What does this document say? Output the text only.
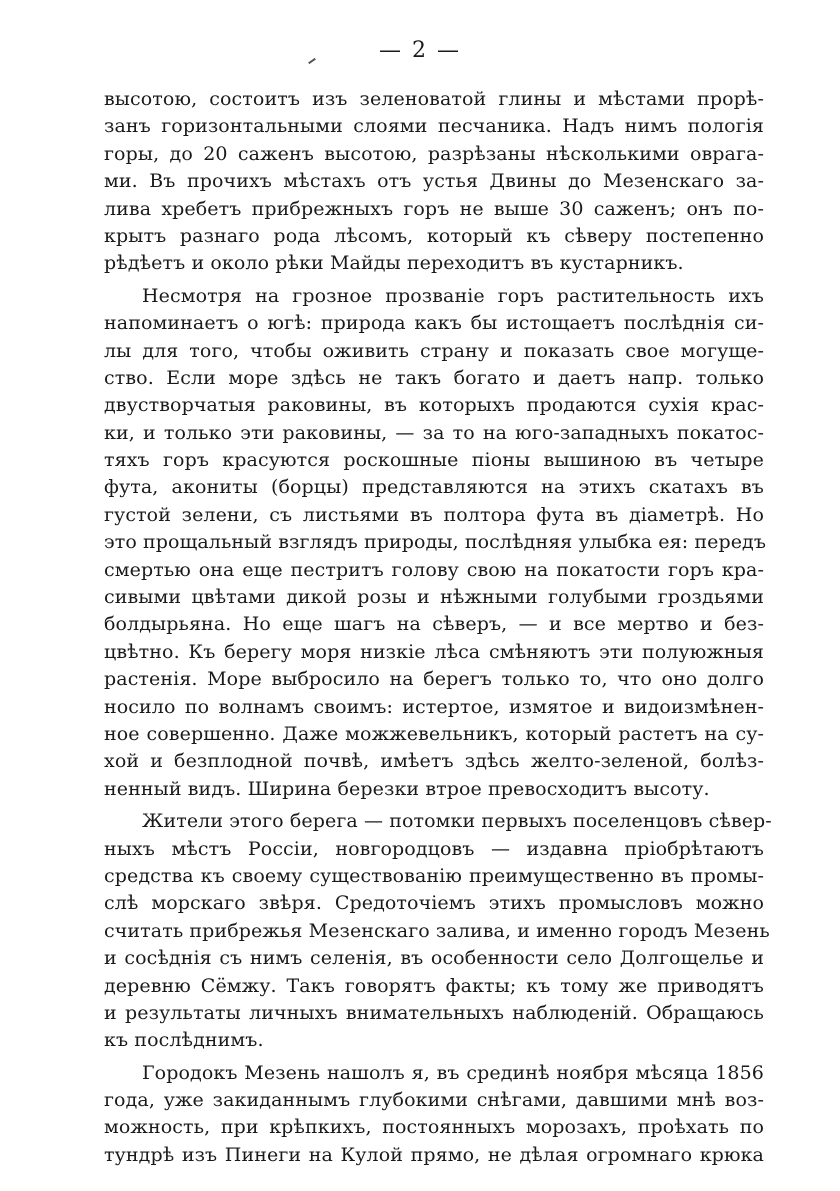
— 2 —
высотою, состоитъ изъ зеленоватой глины и мѣстами прорѣ-
занъ горизонтальными слоями песчаника. Надъ нимъ пологія
горы, до 20 саженъ высотою, разрѣзаны нѣсколькими оврага-
ми. Въ прочихъ мѣстахъ отъ устья Двины до Мезенскаго за-
лива хребетъ прибрежныхъ горъ не выше 30 саженъ; онъ по-
крытъ разнаго рода лѣсомъ, который къ сѣверу постепенно
рѣдѣетъ и около рѣки Майды переходитъ въ кустарникъ.
Несмотря на грозное прозваніе горъ растительность ихъ
напоминаетъ о югѣ: природа какъ бы истощаетъ послѣднія си-
лы для того, чтобы оживить страну и показать свое могуще-
ство. Если море здѣсь не такъ богато и даетъ напр. только
двустворчатыя раковины, въ которыхъ продаются сухія крас-
ки, и только эти раковины, — за то на юго-западныхъ покатос-
тяхъ горъ красуются роскошные піоны вышиною въ четыре
фута, акониты (борцы) представляются на этихъ скатахъ въ
густой зелени, съ листьями въ полтора фута въ діаметрѣ. Но
это прощальный взглядъ природы, послѣдняя улыбка ея: передъ
смертью она еще пестритъ голову свою на покатости горъ кра-
сивыми цвѣтами дикой розы и нѣжными голубыми гроздьями
болдырьяна. Но еще шагъ на сѣверъ, — и все мертво и без-
цвѣтно. Къ берегу моря низкіе лѣса смѣняютъ эти полуюжныя
растенія. Море выбросило на берегъ только то, что оно долго
носило по волнамъ своимъ: истертое, измятое и видоизмѣнен-
ное совершенно. Даже можжевельникъ, который растетъ на су-
хой и безплодной почвѣ, имѣетъ здѣсь желто-зеленой, болѣз-
ненный видъ. Ширина березки втрое превосходитъ высоту.
Жители этого берега — потомки первыхъ поселенцовъ сѣвер-
ныхъ мѣстъ Россіи, новгородцовъ — издавна пріобрѣтаютъ
средства къ своему существованію преимущественно въ промы-
слѣ морскаго звѣря. Средоточіемъ этихъ промысловъ можно
считать прибрежья Мезенскаго залива, и именно городъ Мезень
и сосѣднія съ нимъ селенія, въ особенности село Долгощелье и
деревню Сёмжу. Такъ говорятъ факты; къ тому же приводятъ
и результаты личныхъ внимательныхъ наблюденій. Обращаюсь
къ послѣднимъ.
Городокъ Мезень нашолъ я, въ срединѣ ноября мѣсяца 1856
года, уже закиданнымъ глубокими снѣгами, давшими мнѣ воз-
можность, при крѣпкихъ, постоянныхъ морозахъ, проѣхать по
тундрѣ изъ Пинеги на Кулой прямо, не дѣлая огромнаго крюка
